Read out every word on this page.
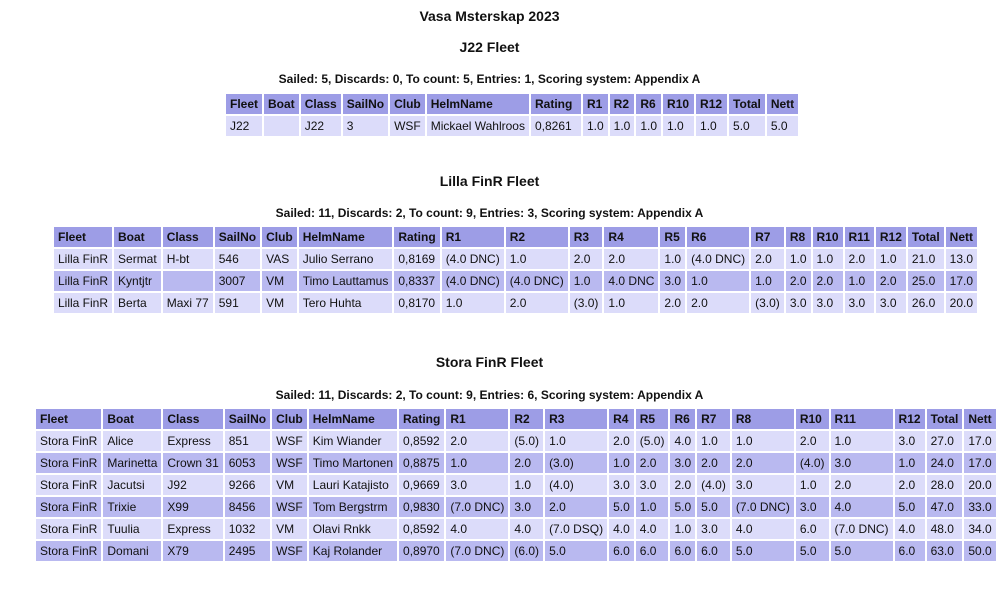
Vasa Msterskap 2023
J22 Fleet
Sailed: 5, Discards: 0, To count: 5, Entries: 1, Scoring system: Appendix A
Fleet	Boat	Class	SailNo	Club	HelmName	Rating	R1	R2	R6	R10	R12	Total	Nett
J22		J22	3	WSF	Mickael Wahlroos	0,8261	1.0	1.0	1.0	1.0	1.0	5.0	5.0
Lilla FinR Fleet
Sailed: 11, Discards: 2, To count: 9, Entries: 3, Scoring system: Appendix A
Fleet	Boat	Class	SailNo	Club	HelmName	Rating	R1	R2	R3	R4	R5	R6	R7	R8	R10	R11	R12	Total	Nett
Lilla FinR	Sermat	H-bt	546	VAS	Julio Serrano	0,8169	(4.0 DNC)	1.0	2.0	2.0	1.0	(4.0 DNC)	2.0	1.0	1.0	2.0	1.0	21.0	13.0
Lilla FinR	Kyntjtr		3007	VM	Timo Lauttamus	0,8337	(4.0 DNC)	(4.0 DNC)	1.0	4.0 DNC	3.0	1.0	1.0	2.0	2.0	1.0	2.0	25.0	17.0
Lilla FinR	Berta	Maxi 77	591	VM	Tero Huhta	0,8170	1.0	2.0	(3.0)	1.0	2.0	2.0	(3.0)	3.0	3.0	3.0	3.0	26.0	20.0
Stora FinR Fleet
Sailed: 11, Discards: 2, To count: 9, Entries: 6, Scoring system: Appendix A
Fleet	Boat	Class	SailNo	Club	HelmName	Rating	R1	R2	R3	R4	R5	R6	R7	R8	R10	R11	R12	Total	Nett
Stora FinR	Alice	Express	851	WSF	Kim Wiander	0,8592	2.0	(5.0)	1.0	2.0	(5.0)	4.0	1.0	1.0	2.0	1.0	3.0	27.0	17.0
Stora FinR	Marinetta	Crown 31	6053	WSF	Timo Martonen	0,8875	1.0	2.0	(3.0)	1.0	2.0	3.0	2.0	2.0	(4.0)	3.0	1.0	24.0	17.0
Stora FinR	Jacutsi	J92	9266	VM	Lauri Katajisto	0,9669	3.0	1.0	(4.0)	3.0	3.0	2.0	(4.0)	3.0	1.0	2.0	2.0	28.0	20.0
Stora FinR	Trixie	X99	8456	WSF	Tom Bergstrm	0,9830	(7.0 DNC)	3.0	2.0	5.0	1.0	5.0	5.0	(7.0 DNC)	3.0	4.0	5.0	47.0	33.0
Stora FinR	Tuulia	Express	1032	VM	Olavi Rnkk	0,8592	4.0	4.0	(7.0 DSQ)	4.0	4.0	1.0	3.0	4.0	6.0	(7.0 DNC)	4.0	48.0	34.0
Stora FinR	Domani	X79	2495	WSF	Kaj Rolander	0,8970	(7.0 DNC)	(6.0)	5.0	6.0	6.0	6.0	6.0	5.0	5.0	5.0	6.0	63.0	50.0
